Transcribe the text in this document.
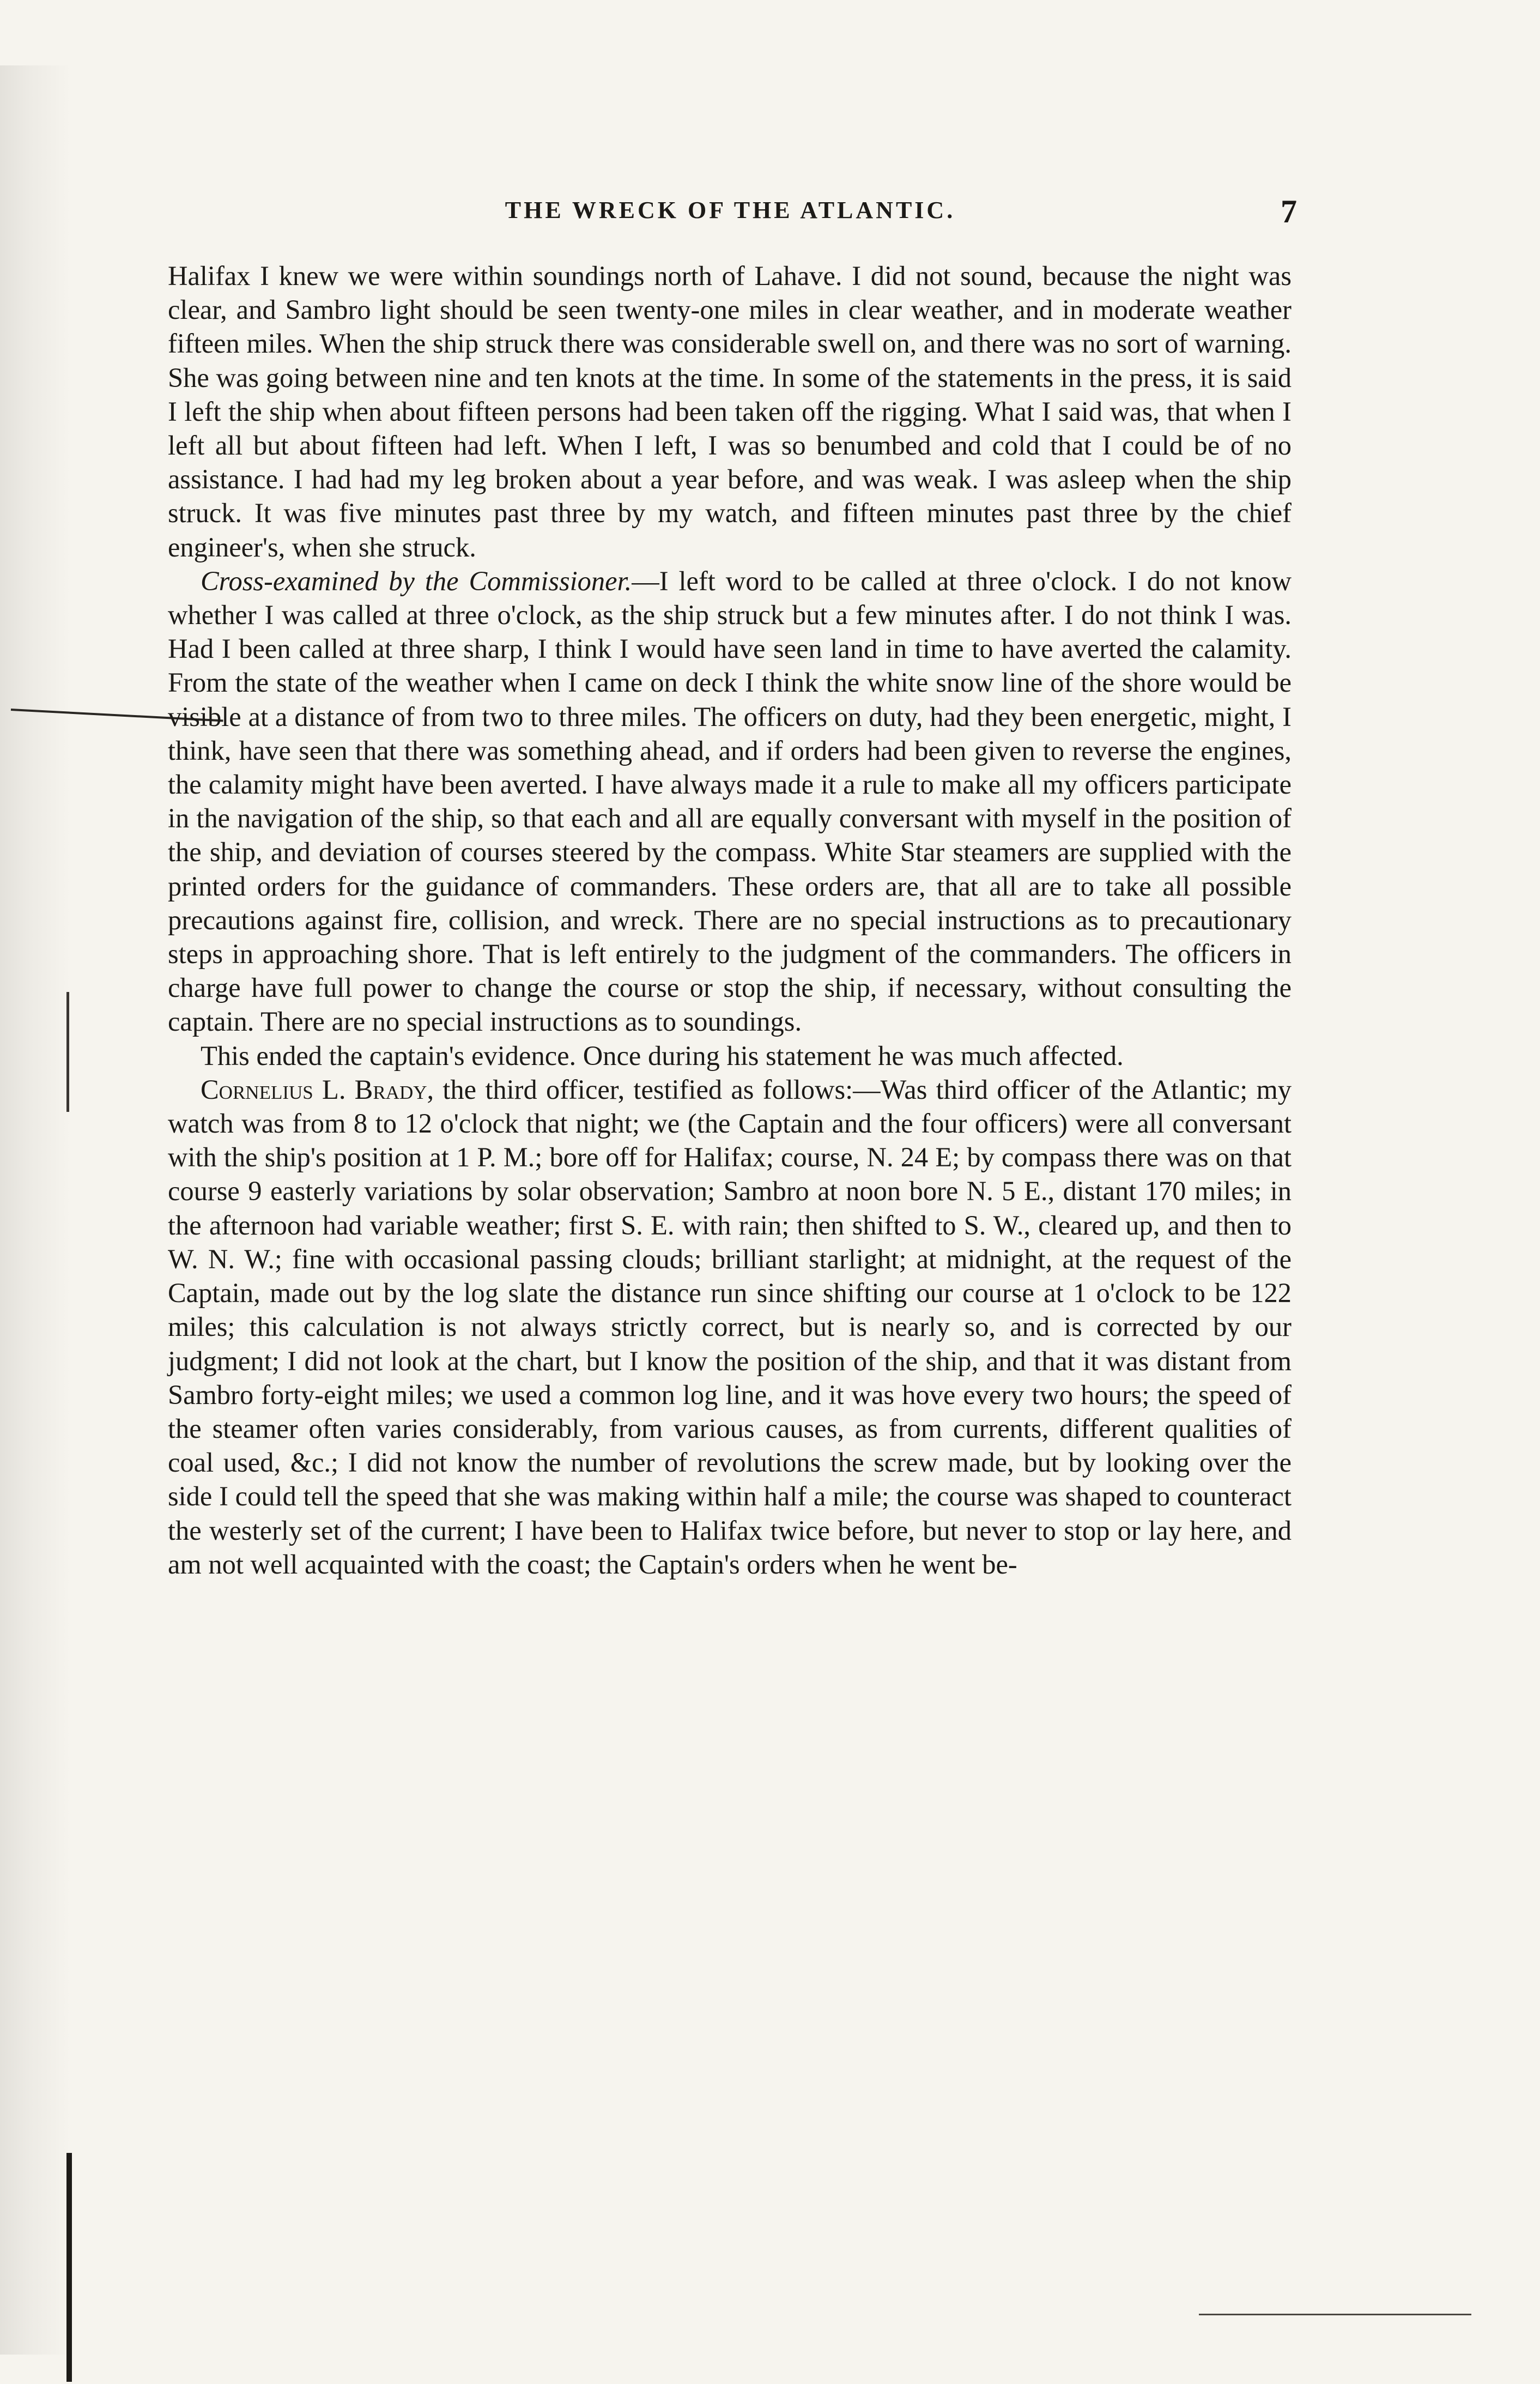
THE WRECK OF THE ATLANTIC.	7

Halifax I knew we were within soundings north of Lahave. I did not sound, because the night was clear, and Sambro light should be seen twenty-one miles in clear weather, and in moderate weather fifteen miles. When the ship struck there was considerable swell on, and there was no sort of warning. She was going between nine and ten knots at the time. In some of the statements in the press, it is said I left the ship when about fifteen persons had been taken off the rigging. What I said was, that when I left all but about fifteen had left. When I left, I was so benumbed and cold that I could be of no assistance. I had had my leg broken about a year before, and was weak. I was asleep when the ship struck. It was five minutes past three by my watch, and fifteen minutes past three by the chief engineer's, when she struck.

Cross-examined by the Commissioner.—I left word to be called at three o'clock. I do not know whether I was called at three o'clock, as the ship struck but a few minutes after. I do not think I was. Had I been called at three sharp, I think I would have seen land in time to have averted the calamity. From the state of the weather when I came on deck I think the white snow line of the shore would be visible at a distance of from two to three miles. The officers on duty, had they been energetic, might, I think, have seen that there was something ahead, and if orders had been given to reverse the engines, the calamity might have been averted. I have always made it a rule to make all my officers participate in the navigation of the ship, so that each and all are equally conversant with myself in the position of the ship, and deviation of courses steered by the compass. White Star steamers are supplied with the printed orders for the guidance of commanders. These orders are, that all are to take all possible precautions against fire, collision, and wreck. There are no special instructions as to precautionary steps in approaching shore. That is left entirely to the judgment of the commanders. The officers in charge have full power to change the course or stop the ship, if necessary, without consulting the captain. There are no special instructions as to soundings.

This ended the captain's evidence. Once during his statement he was much affected.

Cornelius L. Brady, the third officer, testified as follows:—Was third officer of the Atlantic; my watch was from 8 to 12 o'clock that night; we (the Captain and the four officers) were all conversant with the ship's position at 1 P. M.; bore off for Halifax; course, N. 24 E; by compass there was on that course 9 easterly variations by solar observation; Sambro at noon bore N. 5 E., distant 170 miles; in the afternoon had variable weather; first S. E. with rain; then shifted to S. W., cleared up, and then to W. N. W.; fine with occasional passing clouds; brilliant starlight; at midnight, at the request of the Captain, made out by the log slate the distance run since shifting our course at 1 o'clock to be 122 miles; this calculation is not always strictly correct, but is nearly so, and is corrected by our judgment; I did not look at the chart, but I know the position of the ship, and that it was distant from Sambro forty-eight miles; we used a common log line, and it was hove every two hours; the speed of the steamer often varies considerably, from various causes, as from currents, different qualities of coal used, &c.; I did not know the number of revolutions the screw made, but by looking over the side I could tell the speed that she was making within half a mile; the course was shaped to counteract the westerly set of the current; I have been to Halifax twice before, but never to stop or lay here, and am not well acquainted with the coast; the Captain's orders when he went be-
